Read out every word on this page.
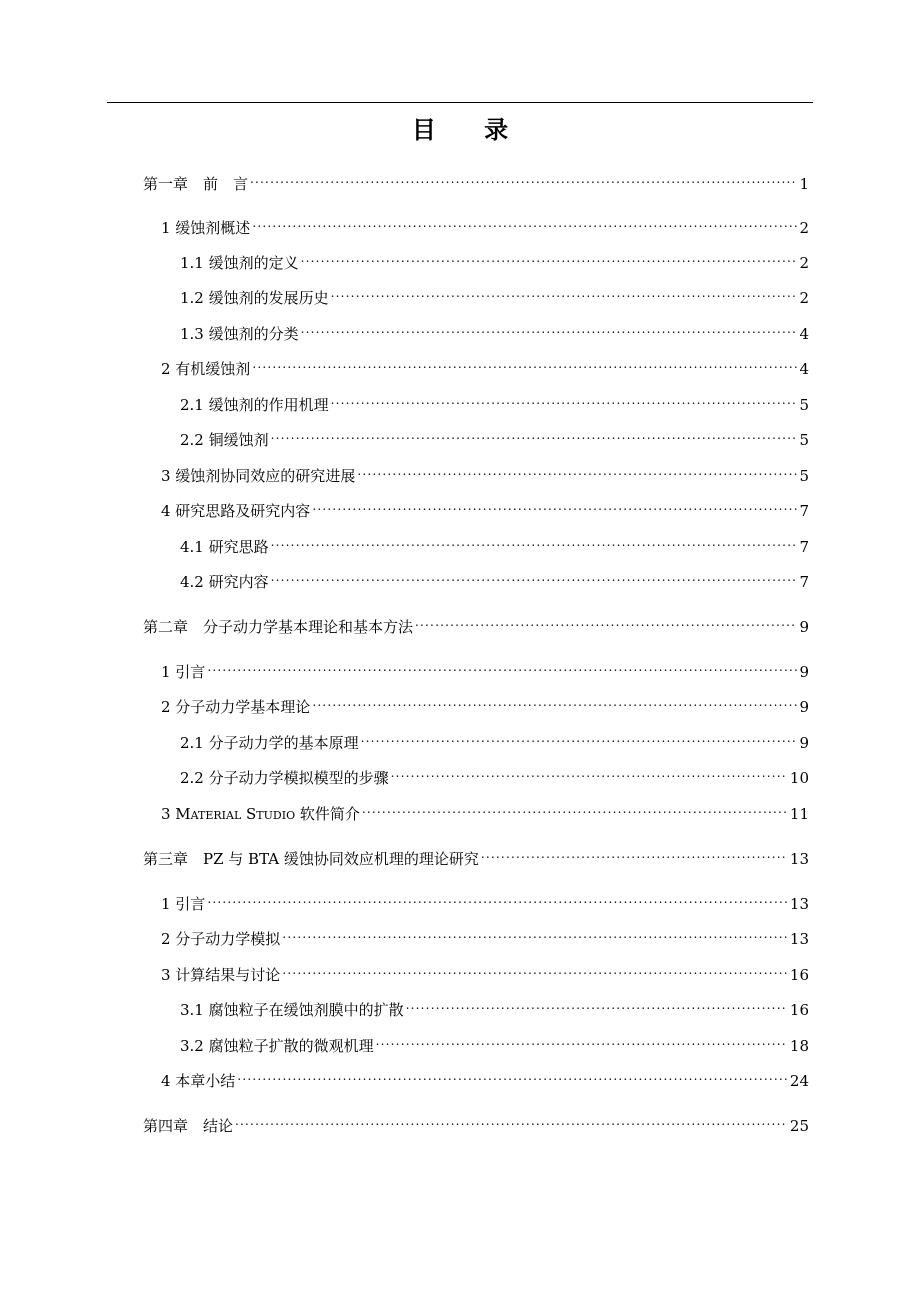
目 录
第一章　前　言 .....	1
1 缓蚀剂概述 .....	2
1.1 缓蚀剂的定义 .....	2
1.2 缓蚀剂的发展历史 .....	2
1.3 缓蚀剂的分类 .....	4
2 有机缓蚀剂 .....	4
2.1 缓蚀剂的作用机理 .....	5
2.2 铜缓蚀剂 .....	5
3 缓蚀剂协同效应的研究进展 .....	5
4 研究思路及研究内容 .....	7
4.1 研究思路 .....	7
4.2 研究内容 .....	7
第二章　分子动力学基本理论和基本方法 .....	9
1 引言 .....	9
2 分子动力学基本理论 .....	9
2.1 分子动力学的基本原理 .....	9
2.2 分子动力学模拟模型的步骤 .....	10
3 Material Studio 软件简介 .....	11
第三章　PZ 与 BTA 缓蚀协同效应机理的理论研究 .....	13
1 引言 .....	13
2 分子动力学模拟 .....	13
3 计算结果与讨论 .....	16
3.1 腐蚀粒子在缓蚀剂膜中的扩散 .....	16
3.2 腐蚀粒子扩散的微观机理 .....	18
4 本章小结 .....	24
第四章　结论 .....	25
